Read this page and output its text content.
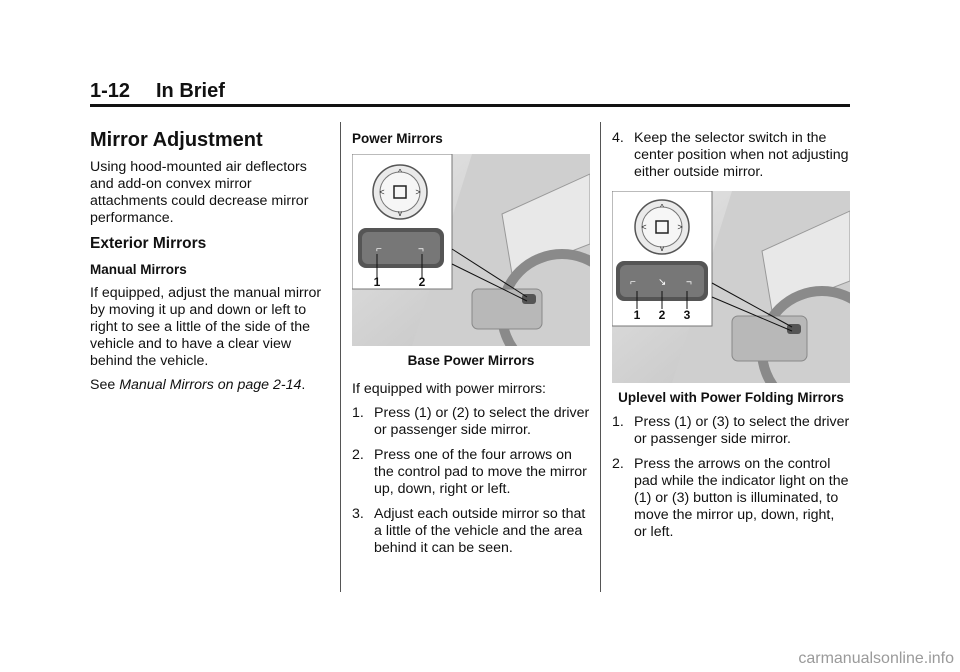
1-12 In Brief
Mirror Adjustment

Using hood-mounted air deflectors and add-on convex mirror attachments could decrease mirror performance.

Exterior Mirrors
Manual Mirrors

If equipped, adjust the manual mirror by moving it up and down or left to right to see a little of the side of the vehicle and to have a clear view behind the vehicle.

See Manual Mirrors on page 2-14.

Power Mirrors
^
v
<	>
⌐	¬
1	2
Base Power Mirrors

If equipped with power mirrors:

1. Press (1) or (2) to select the driver or passenger side mirror.
2. Press one of the four arrows on the control pad to move the mirror up, down, right or left.
3. Adjust each outside mirror so that a little of the vehicle and the area behind it can be seen.
4. Keep the selector switch in the center position when not adjusting either outside mirror.
^
v
<	>
⌐ ↘ ¬
1 2 3
Uplevel with Power Folding Mirrors
1. Press (1) or (3) to select the driver or passenger side mirror.
2. Press the arrows on the control pad while the indicator light on the (1) or (3) button is illuminated, to move the mirror up, down, right, or left.
carmanualsonline.info
